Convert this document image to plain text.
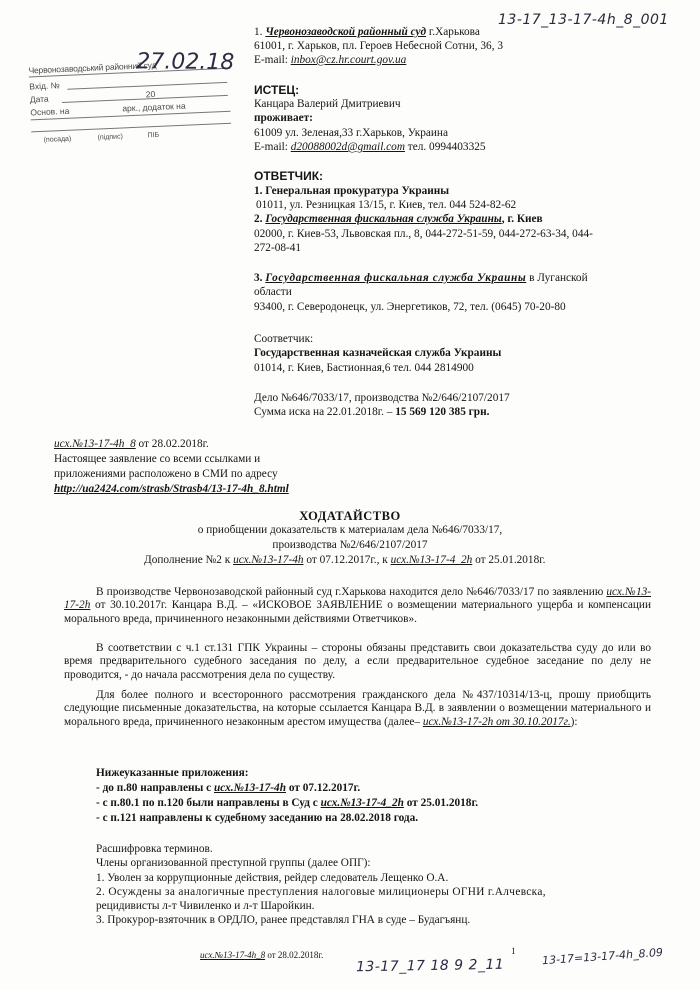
13-17_13-17-4h_8_001
Червонозаводський районний суд
Вхід. №
Дата	20
Основ. на	арк., додаток на
(посада)	(підпис)	ПІБ
27.02.18
1. Червонозаводской районный суд г.Харькова
61001, г. Харьков, пл. Героев Небесной Сотни, 36, 3
E-mail: inbox@cz.hr.court.gov.ua
ИСТЕЦ:
Канцара Валерий Дмитриевич
проживает:
61009 ул. Зеленая,33 г.Харьков, Украина
E-mail: d20088002d@gmail.com тел. 0994403325
ОТВЕТЧИК:
1. Генеральная прокуратура Украины
01011, ул. Резницкая 13/15, г. Киев, тел. 044 524-82-62
2. Государственная фискальная служба Украины, г. Киев
02000, г. Киев-53, Львовская пл., 8, 044-272-51-59, 044-272-63-34, 044-
272-08-41
3. Государственная фискальная служба Украины в Луганской
области
93400, г. Северодонецк, ул. Энергетиков, 72, тел. (0645) 70-20-80
Соответчик:
Государственная казначейская служба Украины
01014, г. Киев, Бастионная,6 тел. 044 2814900
Дело №646/7033/17, производства №2/646/2107/2017
Сумма иска на 22.01.2018г. – 15 569 120 385 грн.
исх.№13-17-4h_8 от 28.02.2018г.
Настоящее заявление со всеми ссылками и
приложениями расположено в СМИ по адресу
http://ua2424.com/strasb/Strasb4/13-17-4h_8.html
ХОДАТАЙСТВО
о приобщении доказательств к материалам дела №646/7033/17,
производства №2/646/2107/2017
Дополнение №2 к исх.№13-17-4h от 07.12.2017г., к исх.№13-17-4_2h от 25.01.2018г.
В производстве Червонозаводской районный суд г.Харькова находится дело №646/7033/17 по заявлению исх.№13-17-2h от 30.10.2017г. Канцара В.Д. – «ИСКОВОЕ ЗАЯВЛЕНИЕ о возмещении материального ущерба и компенсации морального вреда, причиненного незаконными действиями Ответчиков».
В соответствии с ч.1 ст.131 ГПК Украины – стороны обязаны представить свои доказательства суду до или во время предварительного судебного заседания по делу, а если предварительное судебное заседание по делу не проводится, - до начала рассмотрения дела по существу.
Для более полного и всесторонного рассмотрения гражданского дела №437/10314/13-ц, прошу приобщить следующие письменные доказательства, на которые ссылается Канцара В.Д. в заявлении о возмещении материального и морального вреда, причиненного незаконным арестом имущества (далее– исх.№13-17-2h от 30.10.2017г.):
Нижеуказанные приложения:
- до п.80 направлены с исх.№13-17-4h от 07.12.2017г.
- с п.80.1 по п.120 были направлены в Суд с исх.№13-17-4_2h от 25.01.2018г.
- с п.121 направлены к судебному заседанию на 28.02.2018 года.
Расшифровка терминов.
Члены организованной преступной группы (далее ОПГ):
1. Уволен за коррупционные действия, рейдер следователь Лещенко О.А.
2. Осуждены за аналогичные преступления налоговые милиционеры ОГНИ г.Алчевска,
рецидивисты л-т Чивиленко и л-т Шаройкин.
3. Прокурор-взяточник в ОРДЛО, ранее представлял ГНА в суде – Будагъянц.
исх.№13-17-4h_8 от 28.02.2018г.	1
13-17_17 18 9 2_11	13-17=13-17-4h_8.09
